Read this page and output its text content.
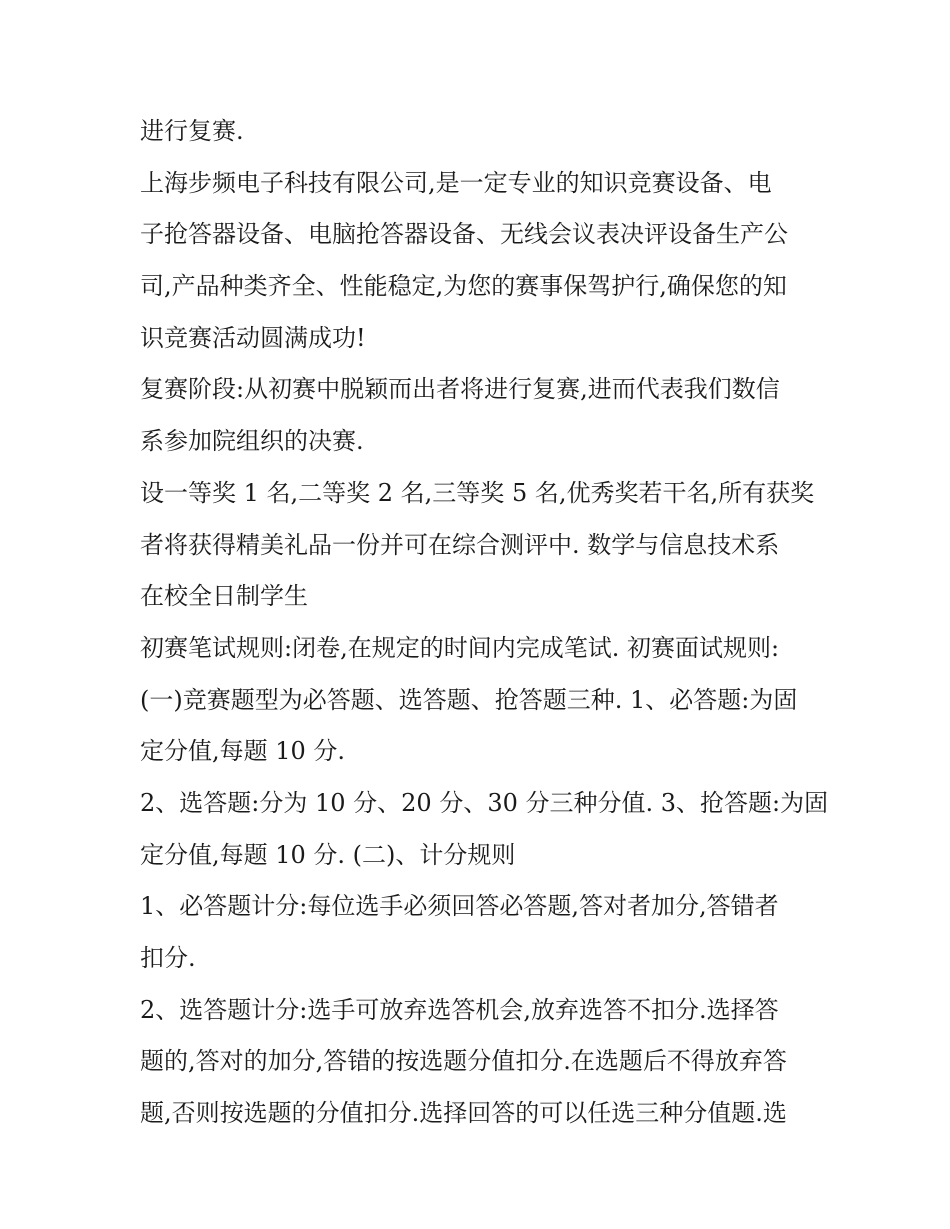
进行复赛.
上海步频电子科技有限公司,是一定专业的知识竞赛设备、电
子抢答器设备、电脑抢答器设备、无线会议表决评设备生产公
司,产品种类齐全、性能稳定,为您的赛事保驾护行,确保您的知
识竞赛活动圆满成功!
复赛阶段:从初赛中脱颖而出者将进行复赛,进而代表我们数信
系参加院组织的决赛.
设一等奖 1 名,二等奖 2 名,三等奖 5 名,优秀奖若干名,所有获奖
者将获得精美礼品一份并可在综合测评中. 数学与信息技术系
在校全日制学生
初赛笔试规则:闭卷,在规定的时间内完成笔试. 初赛面试规则:
(一)竞赛题型为必答题、选答题、抢答题三种. 1、必答题:为固
定分值,每题 10 分.
2、选答题:分为 10 分、20 分、30 分三种分值. 3、抢答题:为固
定分值,每题 10 分. (二)、计分规则
1、必答题计分:每位选手必须回答必答题,答对者加分,答错者
扣分.
2、选答题计分:选手可放弃选答机会,放弃选答不扣分.选择答
题的,答对的加分,答错的按选题分值扣分.在选题后不得放弃答
题,否则按选题的分值扣分.选择回答的可以任选三种分值题.选
